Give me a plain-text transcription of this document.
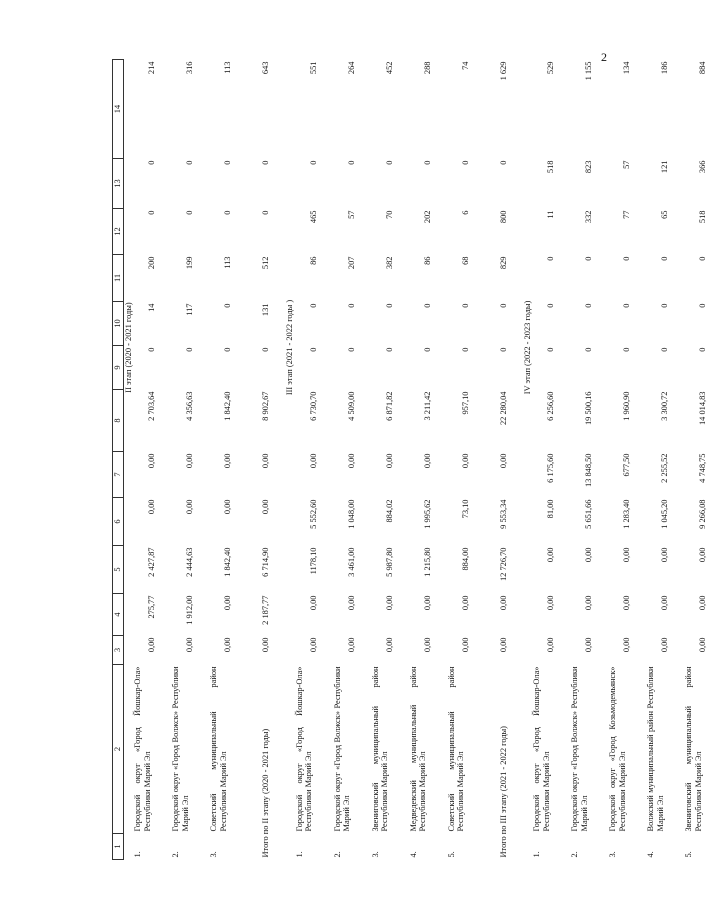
2
1	2	3	4	5	6	7	8	9	10	11	12	13	14
			II этап (2020 - 2021 годы)										
1.	Городской округ «Город Йошкар-Ола» Республики Марий Эл	0,00	275,77	2 427,87	0,00	0,00	2 703,64	0	14	200	0	0	214
2.	Городской округ «Город Волжск» Республики Марий Эл	0,00	1 912,00	2 444,63	0,00	0,00	4 356,63	0	117	199	0	0	316
3.	Советский муниципальный район Республики Марий Эл	0,00	0,00	1 842,40	0,00	0,00	1 842,40	0	0	113	0	0	113
Итого по II этапу (2020 - 2021 годы)		0,00	2 187,77	6 714,90	0,00	0,00	8 902,67	0	131	512	0	0	643
			III этап (2021 - 2022 годы )										
1.	Городской округ «Город Йошкар-Ола» Республики Марий Эл	0,00	0,00	1178,10	5 552,60	0,00	6 730,70	0	0	86	465	0	551
2.	Городской округ «Город Волжск» Республики Марий Эл	0,00	0,00	3 461,00	1 048,00	0,00	4 509,00	0	0	207	57	0	264
3.	Звениговский муниципальный район Республики Марий Эл	0,00	0,00	5 987,80	884,02	0,00	6 871,82	0	0	382	70	0	452
4.	Медведевский муниципальный район Республики Марий Эл	0,00	0,00	1 215,80	1 995,62	0,00	3 211,42	0	0	86	202	0	288
5.	Советский муниципальный район Республики Марий Эл	0,00	0,00	884,00	73,10	0,00	957,10	0	0	68	6	0	74
Итого по III этапу (2021 - 2022 годы)		0,00	0,00	12 726,70	9 553,34	0,00	22 280,04	0	0	829	800	0	1 629
			IV этап (2022 - 2023 годы)										
1.	Городской округ «Город Йошкар-Ола» Республики Марий Эл	0,00	0,00	0,00	81,00	6 175,60	6 256,60	0	0	0	11	518	529
2.	Городской округ «Город Волжск» Республики Марий Эл	0,00	0,00	0,00	5 651,66	13 848,50	19 500,16	0	0	0	332	823	1 155
3.	Городской округ «Город Козьмодемьянск» Республики Марий Эл	0,00	0,00	0,00	1 283,40	677,50	1 960,90	0	0	0	77	57	134
4.	Волжский муниципальный район Республики Марий Эл	0,00	0,00	0,00	1 045,20	2 255,52	3 300,72	0	0	0	65	121	186
5.	Звениговский муниципальный район Республики Марий Эл	0,00	0,00	0,00	9 266,08	4 748,75	14 014,83	0	0	0	518	366	884
